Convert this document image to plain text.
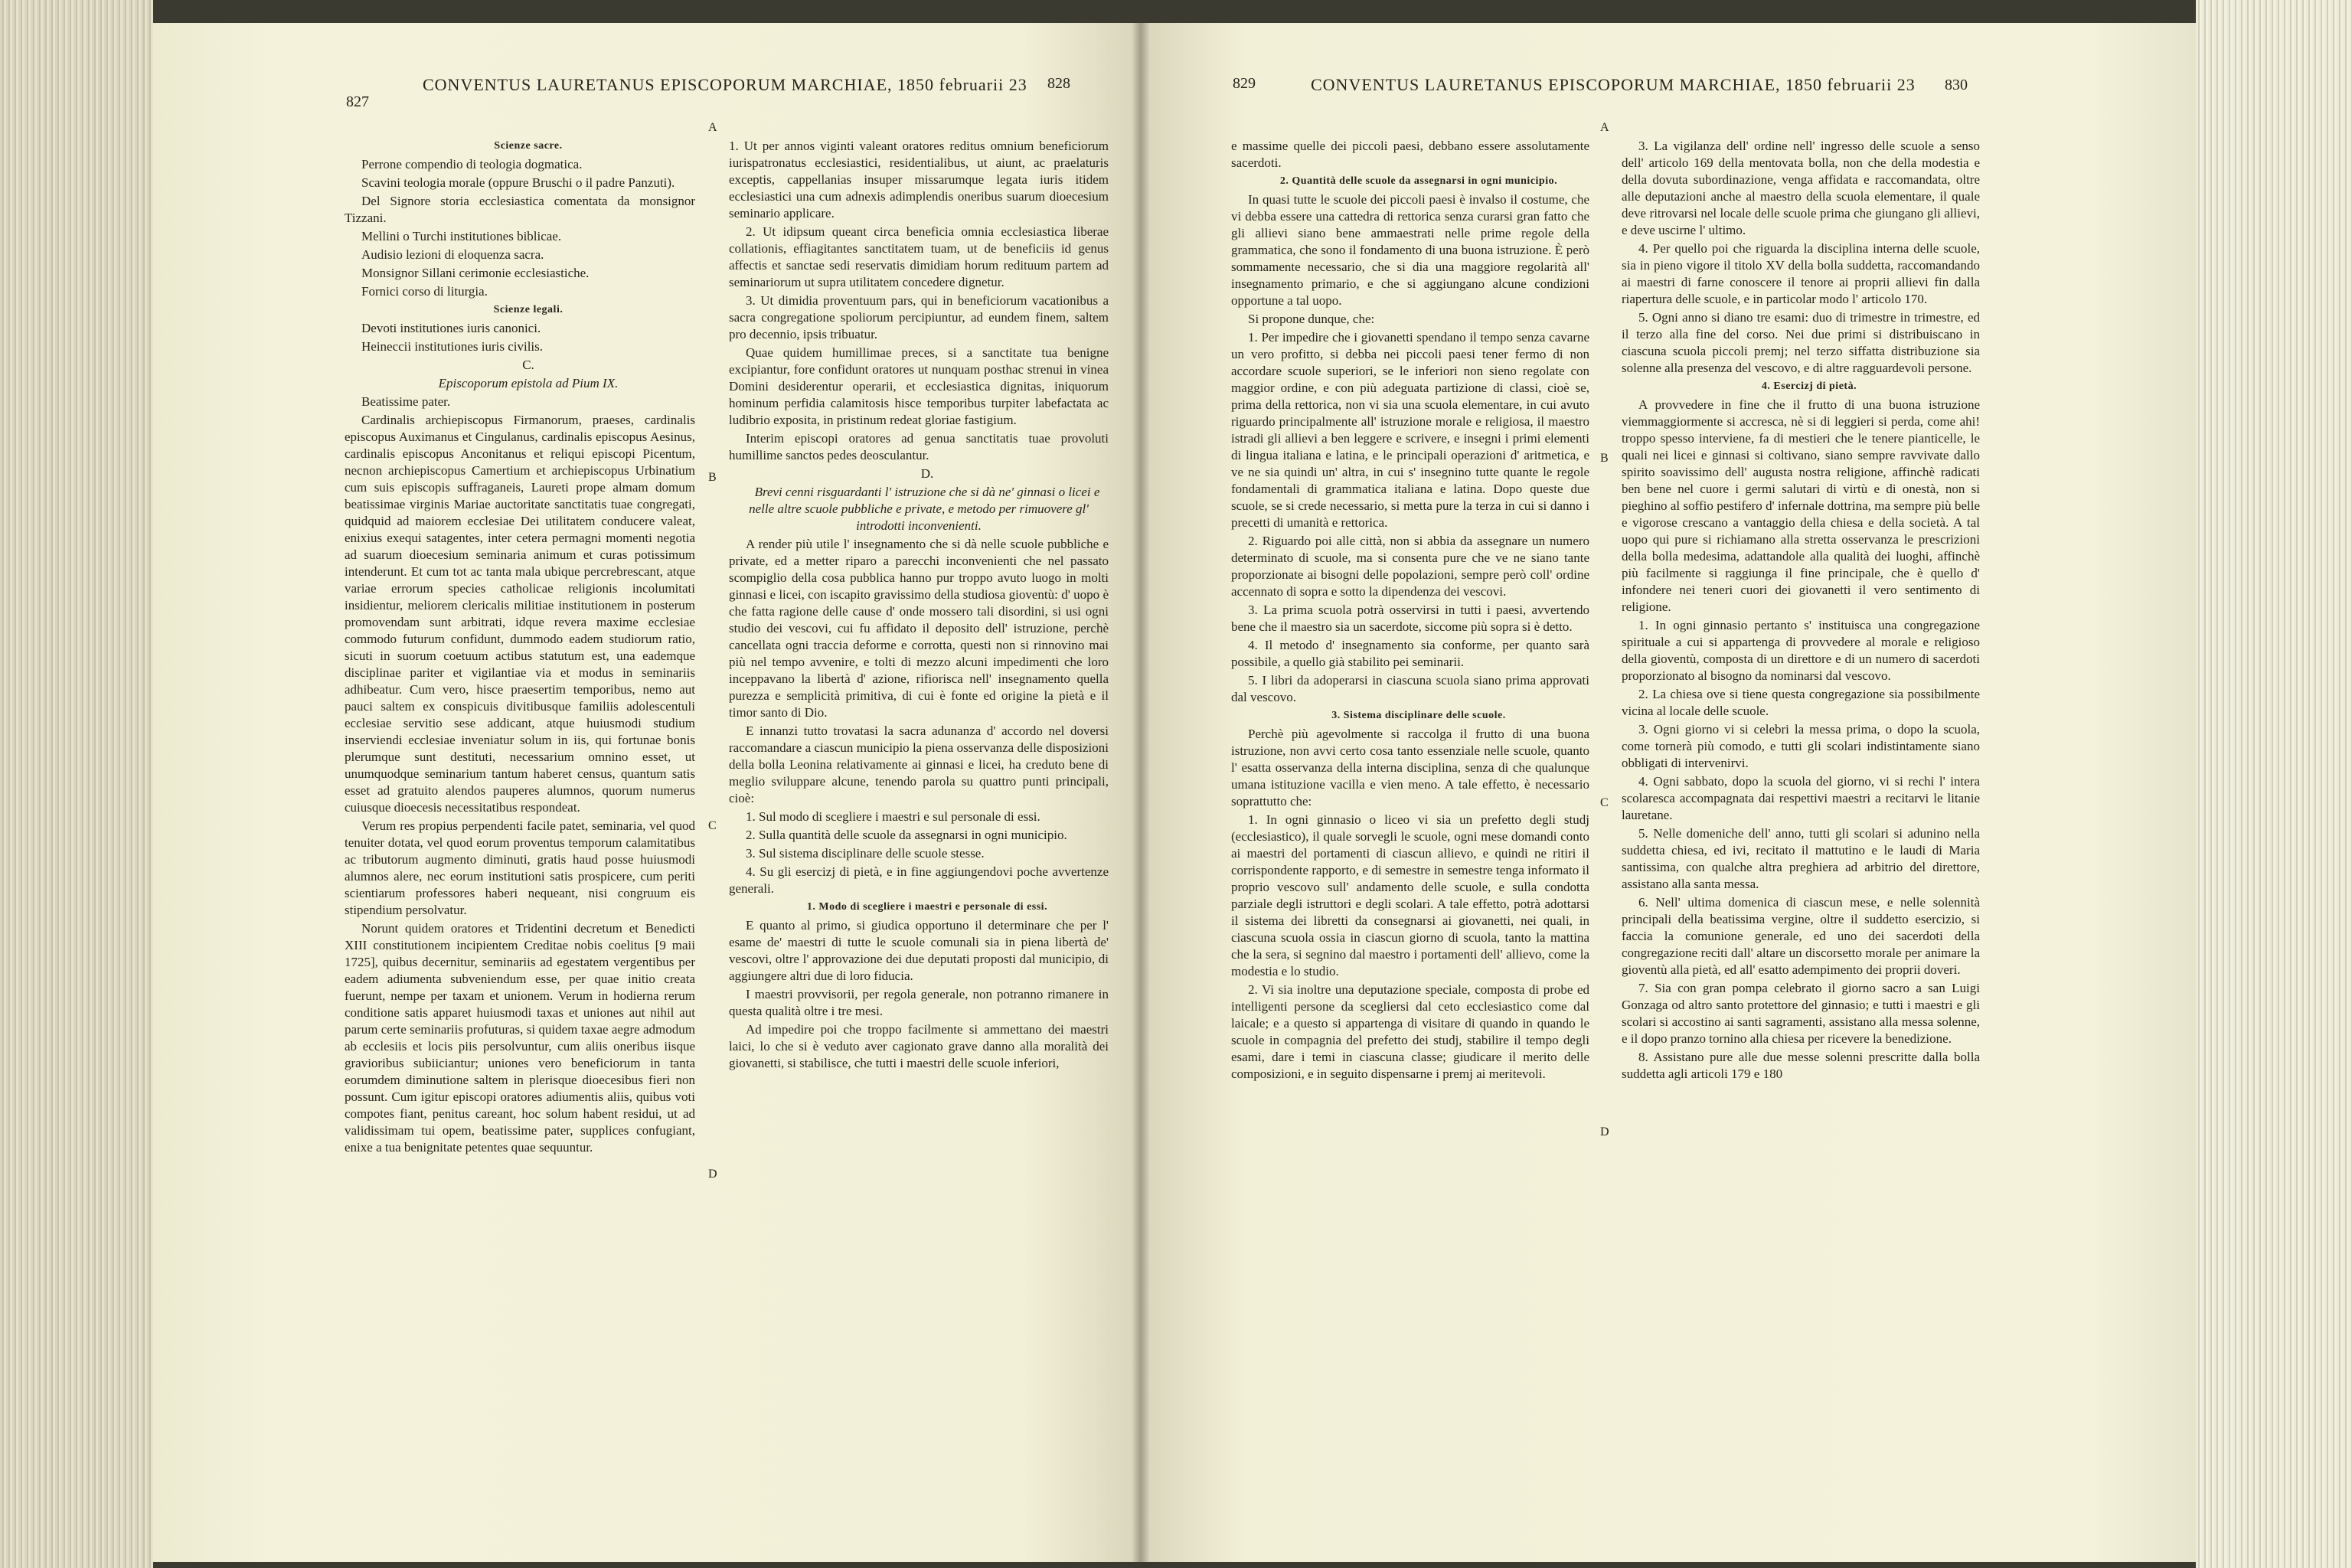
827
CONVENTUS LAURETANUS EPISCOPORUM MARCHIAE, 1850 februarii 23 828

Scienze sacre.

Perrone compendio di teologia dogmatica.

Scavini teologia morale (oppure Bruschi o il padre Panzuti).

Del Signore storia ecclesiastica comentata da monsignor Tizzani.

Mellini o Turchi institutiones biblicae.

Audisio lezioni di eloquenza sacra.

Monsignor Sillani cerimonie ecclesiastiche.

Fornici corso di liturgia.

Scienze legali.

Devoti institutiones iuris canonici.

Heineccii institutiones iuris civilis.

C.

Episcoporum epistola ad Pium IX.

Beatissime pater.

Cardinalis archiepiscopus Firmanorum, praeses, cardinalis episcopus Auximanus et Cingulanus, cardinalis episcopus Aesinus, cardinalis episcopus Anconitanus et reliqui episcopi Picentum, necnon archiepiscopus Camertium et archiepiscopus Urbinatium cum suis episcopis suffraganeis, Laureti prope almam domum beatissimae virginis Mariae auctoritate sanctitatis tuae congregati, quidquid ad maiorem ecclesiae Dei utilitatem conducere valeat, enixius exequi satagentes, inter cetera permagni momenti negotia ad suarum dioecesium seminaria animum et curas potissimum intenderunt. Et cum tot ac tanta mala ubique percrebrescant, atque variae errorum species catholicae religionis incolumitati insidientur, meliorem clericalis militiae institutionem in posterum promovendam sunt arbitrati, idque revera maxime ecclesiae commodo futurum confidunt, dummodo eadem studiorum ratio, sicuti in suorum coetuum actibus statutum est, una eademque disciplinae pariter et vigilantiae via et modus in seminariis adhibeatur. Cum vero, hisce praesertim temporibus, nemo aut pauci saltem ex conspicuis divitibusque familiis adolescentuli ecclesiae servitio sese addicant, atque huiusmodi studium inserviendi ecclesiae inveniatur solum in iis, qui fortunae bonis plerumque sunt destituti, necessarium omnino esset, ut unumquodque seminarium tantum haberet census, quantum satis esset ad gratuito alendos pauperes alumnos, quorum numerus cuiusque dioecesis necessitatibus respondeat.

Verum res propius perpendenti facile patet, seminaria, vel quod tenuiter dotata, vel quod eorum proventus temporum calamitatibus ac tributorum augmento diminuti, gratis haud posse huiusmodi alumnos alere, nec eorum institutioni satis prospicere, cum periti scientiarum professores haberi nequeant, nisi congruum eis stipendium persolvatur.

Norunt quidem oratores et Tridentini decretum et Benedicti XIII constitutionem incipientem Creditae nobis coelitus [9 maii 1725], quibus decernitur, seminariis ad egestatem vergentibus per eadem adiumenta subveniendum esse, per quae initio creata fuerunt, nempe per taxam et unionem. Verum in hodierna rerum conditione satis apparet huiusmodi taxas et uniones aut nihil aut parum certe seminariis profuturas, si quidem taxae aegre admodum ab ecclesiis et locis piis persolvuntur, cum aliis oneribus iisque gravioribus subiiciantur; uniones vero beneficiorum in tanta eorumdem diminutione saltem in plerisque dioecesibus fieri non possunt. Cum igitur episcopi oratores adiumentis aliis, quibus voti compotes fiant, penitus careant, hoc solum habent residui, ut ad validissimam tui opem, beatissime pater, supplices confugiant, enixe a tua benignitate petentes quae sequuntur.

1. Ut per annos viginti valeant oratores reditus omnium beneficiorum iurispatronatus ecclesiastici, residentialibus, ut aiunt, ac praelaturis exceptis, cappellanias insuper missarumque legata iuris itidem ecclesiastici una cum adnexis adimplendis oneribus suarum dioecesium seminario applicare.

2. Ut idipsum queant circa beneficia omnia ecclesiastica liberae collationis, effiagitantes sanctitatem tuam, ut de beneficiis id genus affectis et sanctae sedi reservatis dimidiam horum redituum partem ad seminariorum ut supra utilitatem concedere dignetur.

3. Ut dimidia proventuum pars, qui in beneficiorum vacationibus a sacra congregatione spoliorum percipiuntur, ad eundem finem, saltem pro decennio, ipsis tribuatur.

Quae quidem humillimae preces, si a sanctitate tua benigne excipiantur, fore confidunt oratores ut nunquam posthac strenui in vinea Domini desiderentur operarii, et ecclesiastica dignitas, iniquorum hominum perfidia calamitosis hisce temporibus turpiter labefactata ac ludibrio exposita, in pristinum redeat gloriae fastigium.

Interim episcopi oratores ad genua sanctitatis tuae provoluti humillime sanctos pedes deosculantur.

D.

Brevi cenni risguardanti l' istruzione che si dà ne' ginnasi o licei e nelle altre scuole pubbliche e private, e metodo per rimuovere gl' introdotti inconvenienti.

A render più utile l' insegnamento che si dà nelle scuole pubbliche e private, ed a metter riparo a parecchi inconvenienti che nel passato scompiglio della cosa pubblica hanno pur troppo avuto luogo in molti ginnasi e licei, con iscapito gravissimo della studiosa gioventù: d' uopo è che fatta ragione delle cause d' onde mossero tali disordini, si usi ogni studio dei vescovi, cui fu affidato il deposito dell' istruzione, perchè cancellata ogni traccia deforme e corrotta, questi non si rinnovino mai più nel tempo avvenire, e tolti di mezzo alcuni impedimenti che loro inceppavano la libertà d' azione, rifiorisca nell' insegnamento quella purezza e semplicità primitiva, di cui è fonte ed origine la pietà e il timor santo di Dio.

E innanzi tutto trovatasi la sacra adunanza d' accordo nel doversi raccomandare a ciascun municipio la piena osservanza delle disposizioni della bolla Leonina relativamente ai ginnasi e licei, ha creduto bene di meglio sviluppare alcune, tenendo parola su quattro punti principali, cioè:

1. Sul modo di scegliere i maestri e sul personale di essi.

2. Sulla quantità delle scuole da assegnarsi in ogni municipio.

3. Sul sistema disciplinare delle scuole stesse.

4. Su gli esercizj di pietà, e in fine aggiungendovi poche avvertenze generali.

1. Modo di scegliere i maestri e personale di essi.

E quanto al primo, si giudica opportuno il determinare che per l' esame de' maestri di tutte le scuole comunali sia in piena libertà de' vescovi, oltre l' approvazione dei due deputati proposti dal municipio, di aggiungere altri due di loro fiducia.

I maestri provvisorii, per regola generale, non potranno rimanere in questa qualità oltre i tre mesi.

Ad impedire poi che troppo facilmente si ammettano dei maestri laici, lo che si è veduto aver cagionato grave danno alla moralità dei giovanetti, si stabilisce, che tutti i maestri delle scuole inferiori,

A
B
C
D
829	CONVENTUS LAURETANUS EPISCOPORUM MARCHIAE, 1850 februarii 23 830

e massime quelle dei piccoli paesi, debbano essere assolutamente sacerdoti.

2. Quantità delle scuole da assegnarsi in ogni municipio.

In quasi tutte le scuole dei piccoli paesi è invalso il costume, che vi debba essere una cattedra di rettorica senza curarsi gran fatto che gli allievi siano bene ammaestrati nelle prime regole della grammatica, che sono il fondamento di una buona istruzione. È però sommamente necessario, che si dia una maggiore regolarità all' insegnamento primario, e che si aggiungano alcune condizioni opportune a tal uopo.

Si propone dunque, che:

1. Per impedire che i giovanetti spendano il tempo senza cavarne un vero profitto, si debba nei piccoli paesi tener fermo di non accordare scuole superiori, se le inferiori non sieno regolate con maggior ordine, e con più adeguata partizione di classi, cioè se, prima della rettorica, non vi sia una scuola elementare, in cui avuto riguardo principalmente all' istruzione morale e religiosa, il maestro istradi gli allievi a ben leggere e scrivere, e insegni i primi elementi di lingua italiana e latina, e le principali operazioni d' aritmetica, e ve ne sia quindi un' altra, in cui s' insegnino tutte quante le regole fondamentali di grammatica italiana e latina. Dopo queste due scuole, se si crede necessario, si metta pure la terza in cui si danno i precetti di umanità e rettorica.

2. Riguardo poi alle città, non si abbia da assegnare un numero determinato di scuole, ma si consenta pure che ve ne siano tante proporzionate ai bisogni delle popolazioni, sempre però coll' ordine accennato di sopra e sotto la dipendenza dei vescovi.

3. La prima scuola potrà osservirsi in tutti i paesi, avvertendo bene che il maestro sia un sacerdote, siccome più sopra si è detto.

4. Il metodo d' insegnamento sia conforme, per quanto sarà possibile, a quello già stabilito pei seminarii.

5. I libri da adoperarsi in ciascuna scuola siano prima approvati dal vescovo.

3. Sistema disciplinare delle scuole.

Perchè più agevolmente si raccolga il frutto di una buona istruzione, non avvi certo cosa tanto essenziale nelle scuole, quanto l' esatta osservanza della interna disciplina, senza di che qualunque umana istituzione vacilla e vien meno. A tale effetto, è necessario soprattutto che:

1. In ogni ginnasio o liceo vi sia un prefetto degli studj (ecclesiastico), il quale sorvegli le scuole, ogni mese domandi conto ai maestri del portamenti di ciascun allievo, e quindi ne ritiri il corrispondente rapporto, e di semestre in semestre tenga informato il proprio vescovo sull' andamento delle scuole, e sulla condotta parziale degli istruttori e degli scolari. A tale effetto, potrà adottarsi il sistema dei libretti da consegnarsi ai giovanetti, nei quali, in ciascuna scuola ossia in ciascun giorno di scuola, tanto la mattina che la sera, si segnino dal maestro i portamenti dell' allievo, come la modestia e lo studio.

2. Vi sia inoltre una deputazione speciale, composta di probe ed intelligenti persone da scegliersi dal ceto ecclesiastico come dal laicale; e a questo si appartenga di visitare di quando in quando le scuole in compagnia del prefetto dei studj, stabilire il tempo degli esami, dare i temi in ciascuna classe; giudicare il merito delle composizioni, e in seguito dispensarne i premj ai meritevoli.

3. La vigilanza dell' ordine nell' ingresso delle scuole a senso dell' articolo 169 della mentovata bolla, non che della modestia e della dovuta subordinazione, venga affidata e raccomandata, oltre alle deputazioni anche al maestro della scuola elementare, il quale deve ritrovarsi nel locale delle scuole prima che giungano gli allievi, e deve uscirne l' ultimo.

4. Per quello poi che riguarda la disciplina interna delle scuole, sia in pieno vigore il titolo XV della bolla suddetta, raccomandando ai maestri di farne conoscere il tenore ai proprii allievi fin dalla riapertura delle scuole, e in particolar modo l' articolo 170.

5. Ogni anno si diano tre esami: duo di trimestre in trimestre, ed il terzo alla fine del corso. Nei due primi si distribuiscano in ciascuna scuola piccoli premj; nel terzo siffatta distribuzione sia solenne alla presenza del vescovo, e di altre ragguardevoli persone.

4. Esercizj di pietà.

A provvedere in fine che il frutto di una buona istruzione viemmaggiormente si accresca, nè si di leggieri si perda, come ahi! troppo spesso interviene, fa di mestieri che le tenere pianticelle, le quali nei licei e ginnasi si coltivano, siano sempre ravvivate dallo spirito soavissimo dell' augusta nostra religione, affinchè radicati ben bene nel cuore i germi salutari di virtù e di onestà, non si pieghino al soffio pestifero d' infernale dottrina, ma sempre più belle e vigorose crescano a vantaggio della chiesa e della società. A tal uopo qui pure si richiamano alla stretta osservanza le prescrizioni della bolla medesima, adattandole alla qualità dei luoghi, affinchè più facilmente si raggiunga il fine principale, che è quello d' infondere nei teneri cuori dei giovanetti il vero sentimento di religione.

1. In ogni ginnasio pertanto s' instituisca una congregazione spirituale a cui si appartenga di provvedere al morale e religioso della gioventù, composta di un direttore e di un numero di sacerdoti proporzionato al bisogno da nominarsi dal vescovo.

2. La chiesa ove si tiene questa congregazione sia possibilmente vicina al locale delle scuole.

3. Ogni giorno vi si celebri la messa prima, o dopo la scuola, come tornerà più comodo, e tutti gli scolari indistintamente siano obbligati di intervenirvi.

4. Ogni sabbato, dopo la scuola del giorno, vi si rechi l' intera scolaresca accompagnata dai respettivi maestri a recitarvi le litanie lauretane.

5. Nelle domeniche dell' anno, tutti gli scolari si adunino nella suddetta chiesa, ed ivi, recitato il mattutino e le laudi di Maria santissima, con qualche altra preghiera ad arbitrio del direttore, assistano alla santa messa.

6. Nell' ultima domenica di ciascun mese, e nelle solennità principali della beatissima vergine, oltre il suddetto esercizio, si faccia la comunione generale, ed uno dei sacerdoti della congregazione reciti dall' altare un discorsetto morale per animare la gioventù alla pietà, ed all' esatto adempimento dei proprii doveri.

7. Sia con gran pompa celebrato il giorno sacro a san Luigi Gonzaga od altro santo protettore del ginnasio; e tutti i maestri e gli scolari si accostino ai santi sagramenti, assistano alla messa solenne, e il dopo pranzo tornino alla chiesa per ricevere la benedizione.

8. Assistano pure alle due messe solenni prescritte dalla bolla suddetta agli articoli 179 e 180

A
B
C
D
